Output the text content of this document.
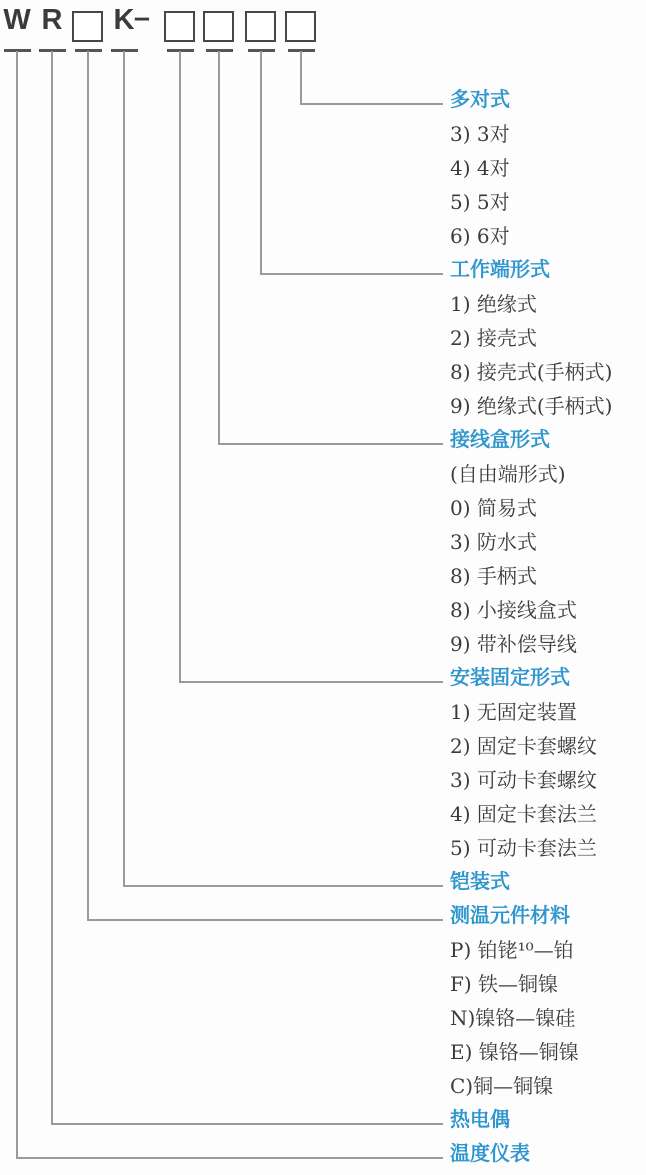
W R K –
多对式
3) 3对
4) 4对
5) 5对
6) 6对
工作端形式
1) 绝缘式
2) 接壳式
8) 接壳式(手柄式)
9) 绝缘式(手柄式)
接线盒形式
(自由端形式)
0) 简易式
3) 防水式
8) 手柄式
8) 小接线盒式
9) 带补偿导线
安装固定形式
1) 无固定装置
2) 固定卡套螺纹
3) 可动卡套螺纹
4) 固定卡套法兰
5) 可动卡套法兰
铠装式
测温元件材料
P) 铂铑¹⁰—铂
F) 铁—铜镍
N)镍铬—镍硅
E) 镍铬—铜镍
C)铜—铜镍
热电偶
温度仪表
